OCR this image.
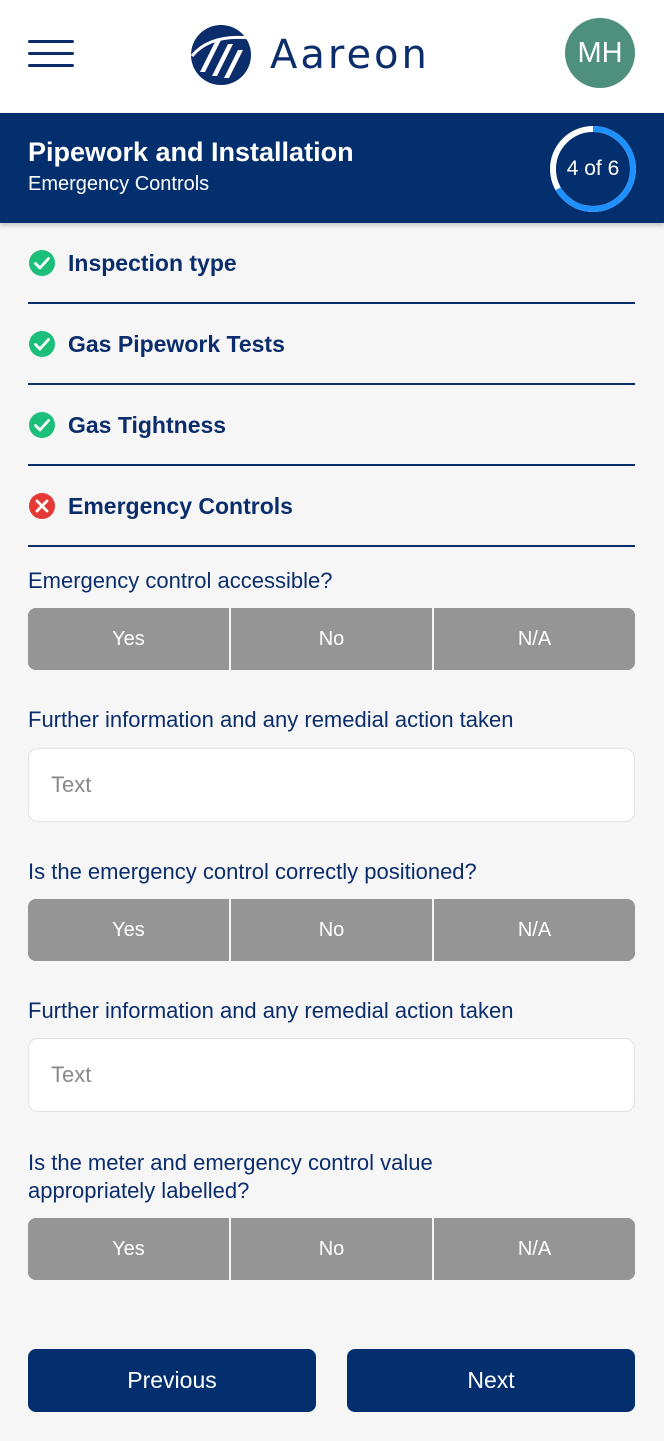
Aareon	MH
Pipework and Installation
Emergency Controls
4 of 6
Inspection type
Gas Pipework Tests
Gas Tightness
Emergency Controls
Emergency control accessible?
Yes	No	N/A
Further information and any remedial action taken
Text
Is the emergency control correctly positioned?
Yes	No	N/A
Further information and any remedial action taken
Text
Is the meter and emergency control value appropriately labelled?
Yes	No	N/A
Previous	Next
